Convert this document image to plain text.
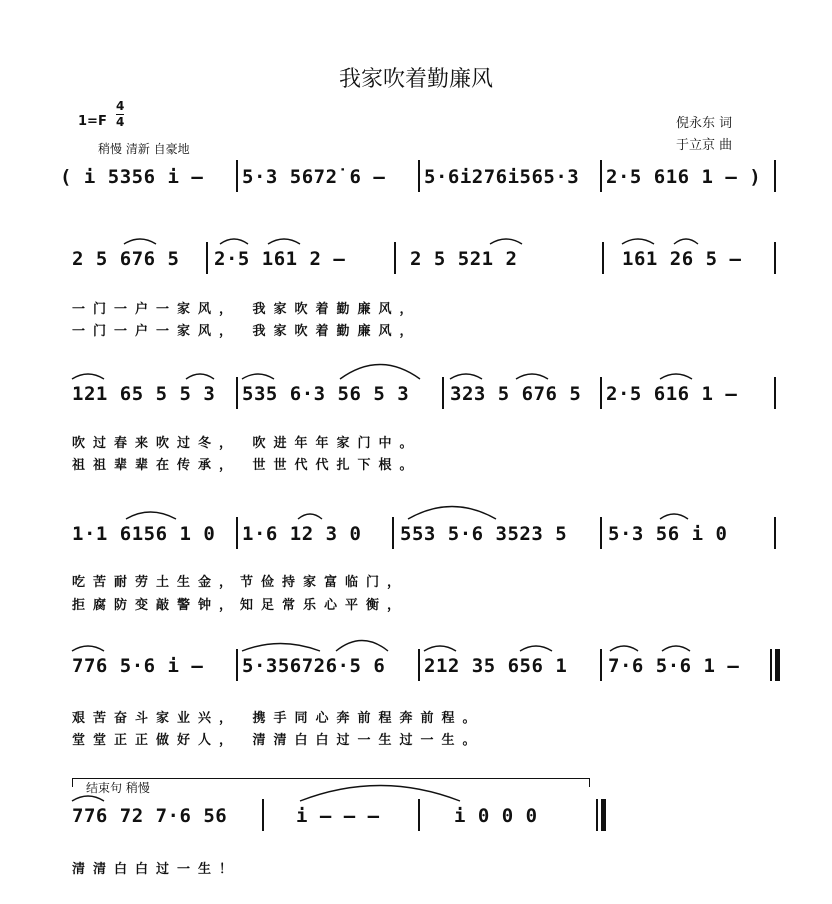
我家吹着勤廉风
1=F
4
4
稍慢 清新 自豪地
倪永东 词
于立京 曲
( i 5356 i – 5·3 5672̇ 6 – 5·6i276i565·3 2·5 616 1 – )
2 5 676 5 2·5 161 2 –	2 5 521 2	161 26 5 –
一门一户一家风， 我家吹着勤廉风，
一门一户一家风， 我家吹着勤廉风，
121 65 5 5 3 535 6·3 56 5 3 323 5 676 5 2·5 616 1 –
吹过春来吹过冬， 吹进年年家门中。
祖祖辈辈在传承， 世世代代扎下根。
1·1 6156 1 0 1·6 12 3 0 553 5·6 3523 5 5·3 56 i 0
吃苦耐劳土生金，节俭持家富临门，
拒腐防变敲警钟，知足常乐心平衡，
776 5·6 i – 5·356726·5 6 212 35 656 1 7·6 5·6 1 –
艰苦奋斗家业兴， 携手同心奔前程奔前程。
堂堂正正做好人， 清清白白过一生过一生。
结束句 稍慢
776 72 7·6 56	i – – –	i 0 0 0
清清白白过一生！
